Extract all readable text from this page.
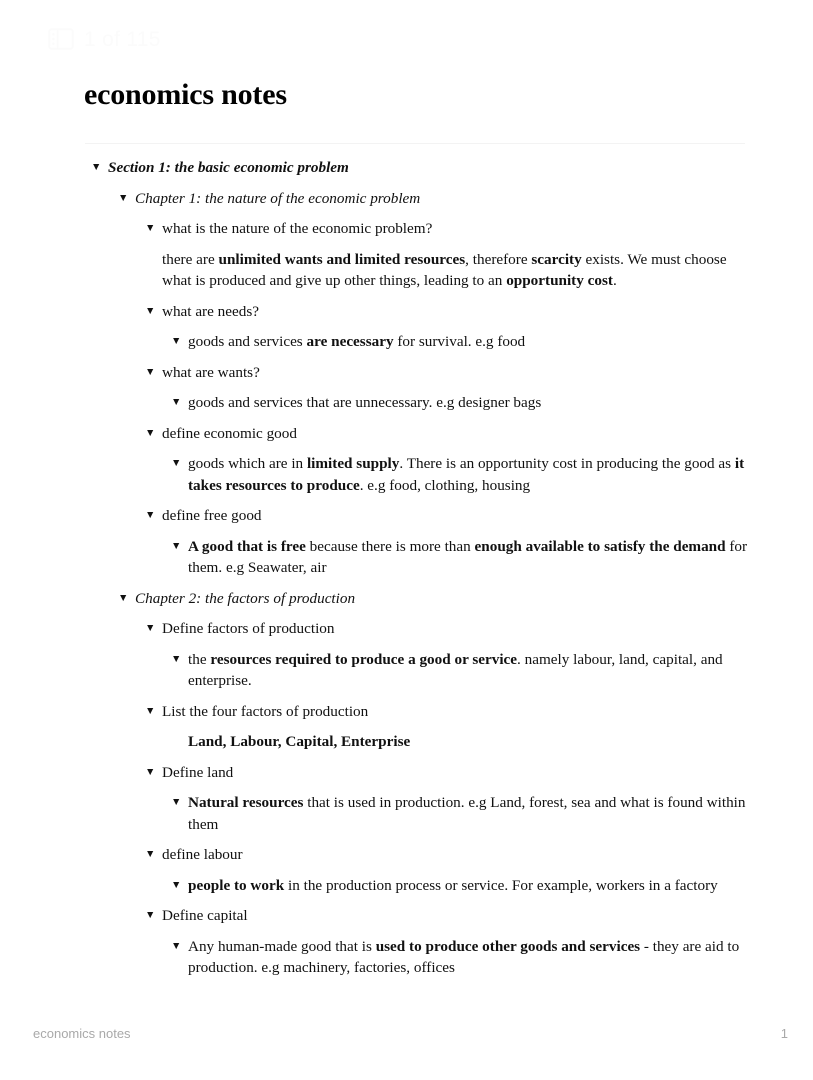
1 of 115
economics notes
▼ Section 1: the basic economic problem
▼ Chapter 1: the nature of the economic problem
▼ what is the nature of the economic problem?
there are unlimited wants and limited resources, therefore scarcity exists. We must choose what is produced and give up other things, leading to an opportunity cost.
▼ what are needs?
▼ goods and services are necessary for survival. e.g food
▼ what are wants?
▼ goods and services that are unnecessary. e.g designer bags
▼ define economic good
▼ goods which are in limited supply. There is an opportunity cost in producing the good as it takes resources to produce. e.g food, clothing, housing
▼ define free good
▼ A good that is free because there is more than enough available to satisfy the demand for them. e.g Seawater, air
▼ Chapter 2: the factors of production
▼ Define factors of production
▼ the resources required to produce a good or service. namely labour, land, capital, and enterprise.
▼ List the four factors of production
Land, Labour, Capital, Enterprise
▼ Define land
▼ Natural resources that is used in production. e.g Land, forest, sea and what is found within them
▼ define labour
▼ people to work in the production process or service. For example, workers in a factory
▼ Define capital
▼ Any human-made good that is used to produce other goods and services - they are aid to production. e.g machinery, factories, offices
economics notes	1
